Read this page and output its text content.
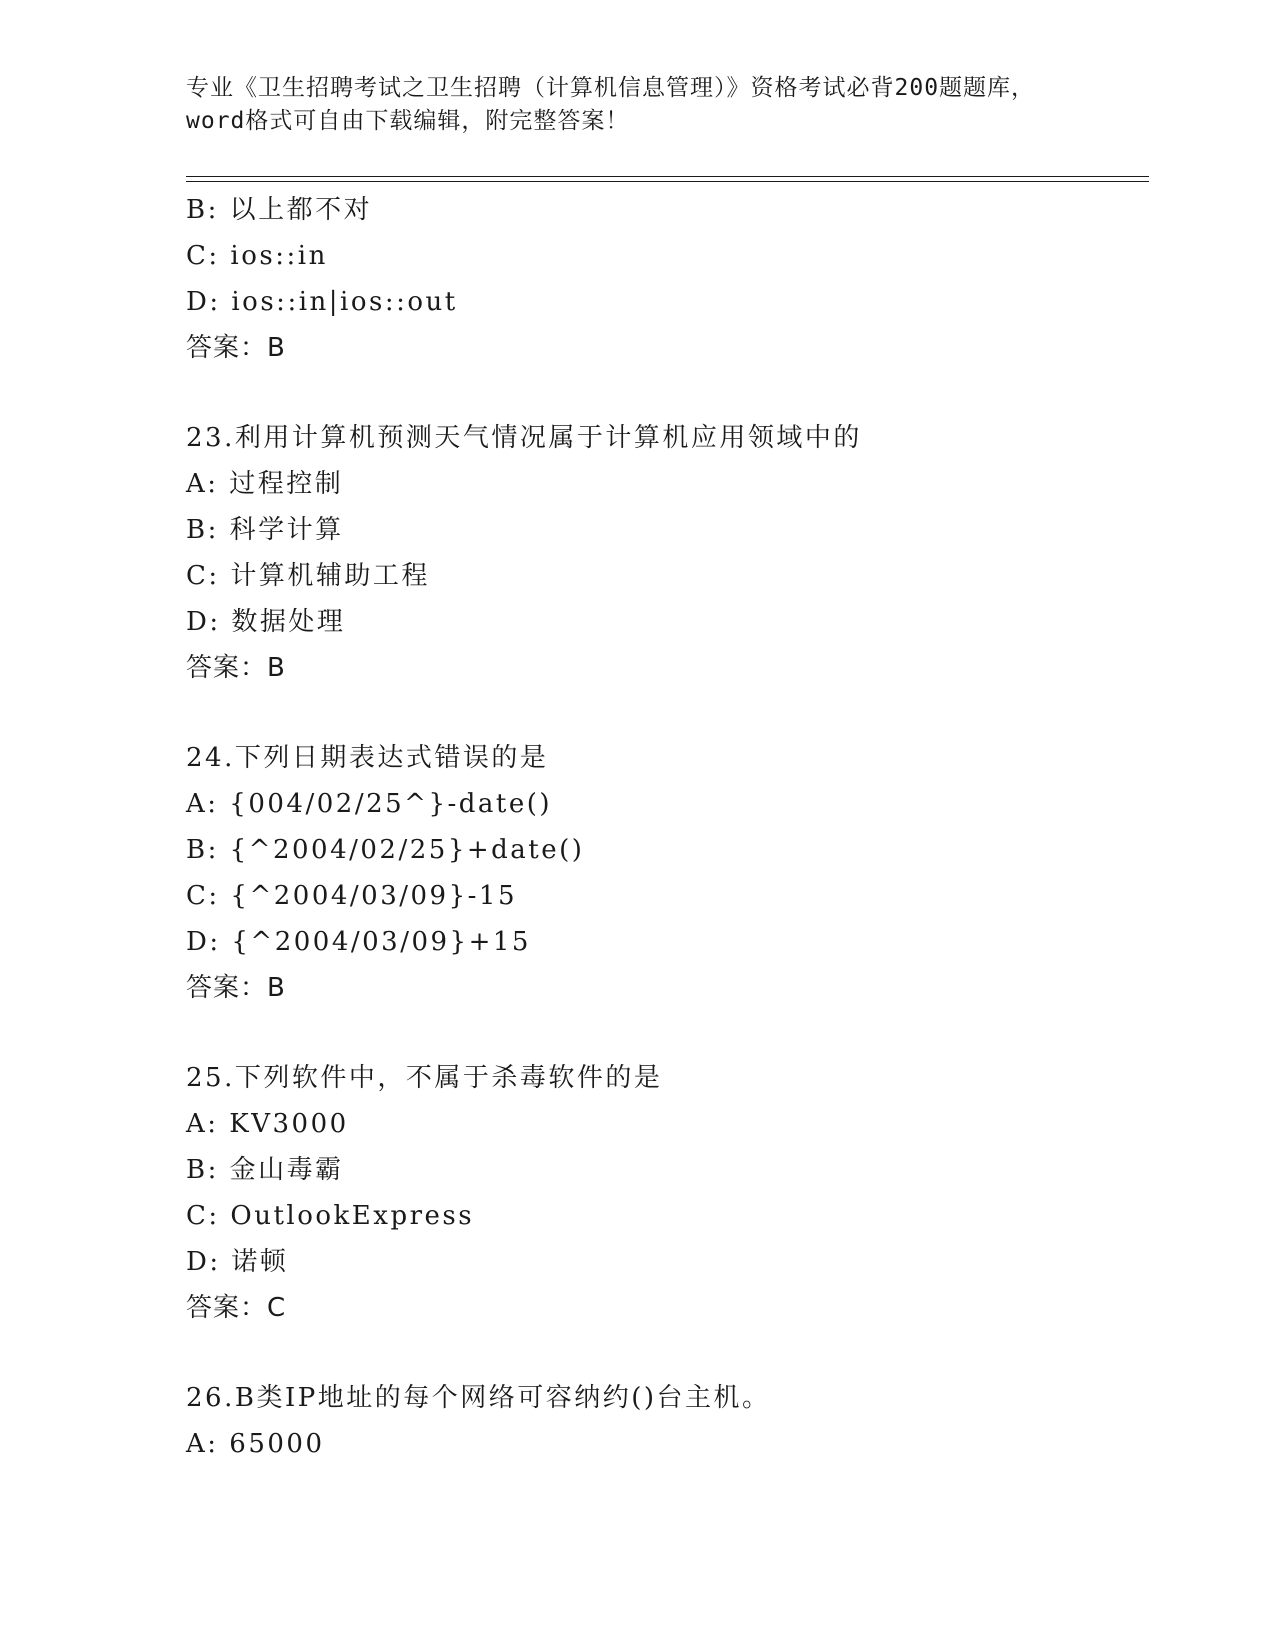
专业《卫生招聘考试之卫生招聘（计算机信息管理）》资格考试必背200题题库，
word格式可自由下载编辑，附完整答案！
B: 以上都不对
C: ios::in
D: ios::in|ios::out
答案：B
23.利用计算机预测天气情况属于计算机应用领域中的
A: 过程控制
B: 科学计算
C: 计算机辅助工程
D: 数据处理
答案：B
24.下列日期表达式错误的是
A: {004/02/25^}-date()
B: {^2004/02/25}+date()
C: {^2004/03/09}-15
D: {^2004/03/09}+15
答案：B
25.下列软件中，不属于杀毒软件的是
A: KV3000
B: 金山毒霸
C: OutlookExpress
D: 诺顿
答案：C
26.B类IP地址的每个网络可容纳约()台主机。
A: 65000
